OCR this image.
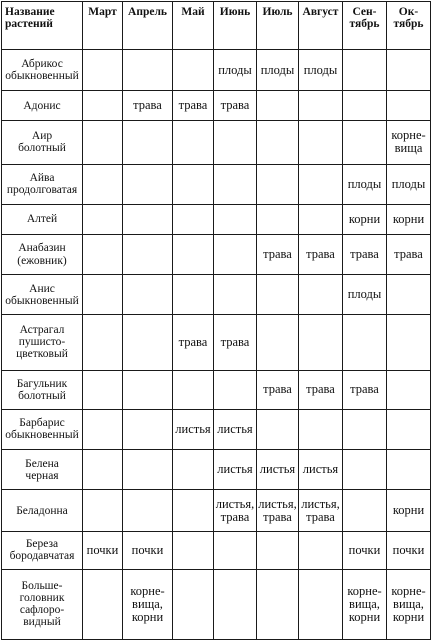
Название
растений	Март	Апрель	Май	Июнь	Июль	Август	Сен-
тябрь	Ок-
тябрь

Абрикос
обыкновенный				плоды	плоды	плоды		

Адонис		трава	трава	трава				

Аир
болотный								корне-
вища

Айва
продолговатая							плоды	плоды

Алтей							корни	корни

Анабазин
(ежовник)					трава	трава	трава	трава

Анис
обыкновенный							плоды	

Астрагал
пушисто-
цветковый			трава	трава				

Багульник
болотный					трава	трава	трава	

Барбарис
обыкновенный			листья	листья				

Белена
черная				листья	листья	листья		

Беладонна				листья,
трава	листья,
трава	листья,
трава		корни

Береза
бородавчатая	почки	почки					почки	почки

Больше-
головник
сафлоро-
видный		корне-
вища,
корни					корне-
вища,
корни	корне-
вища,
корни
